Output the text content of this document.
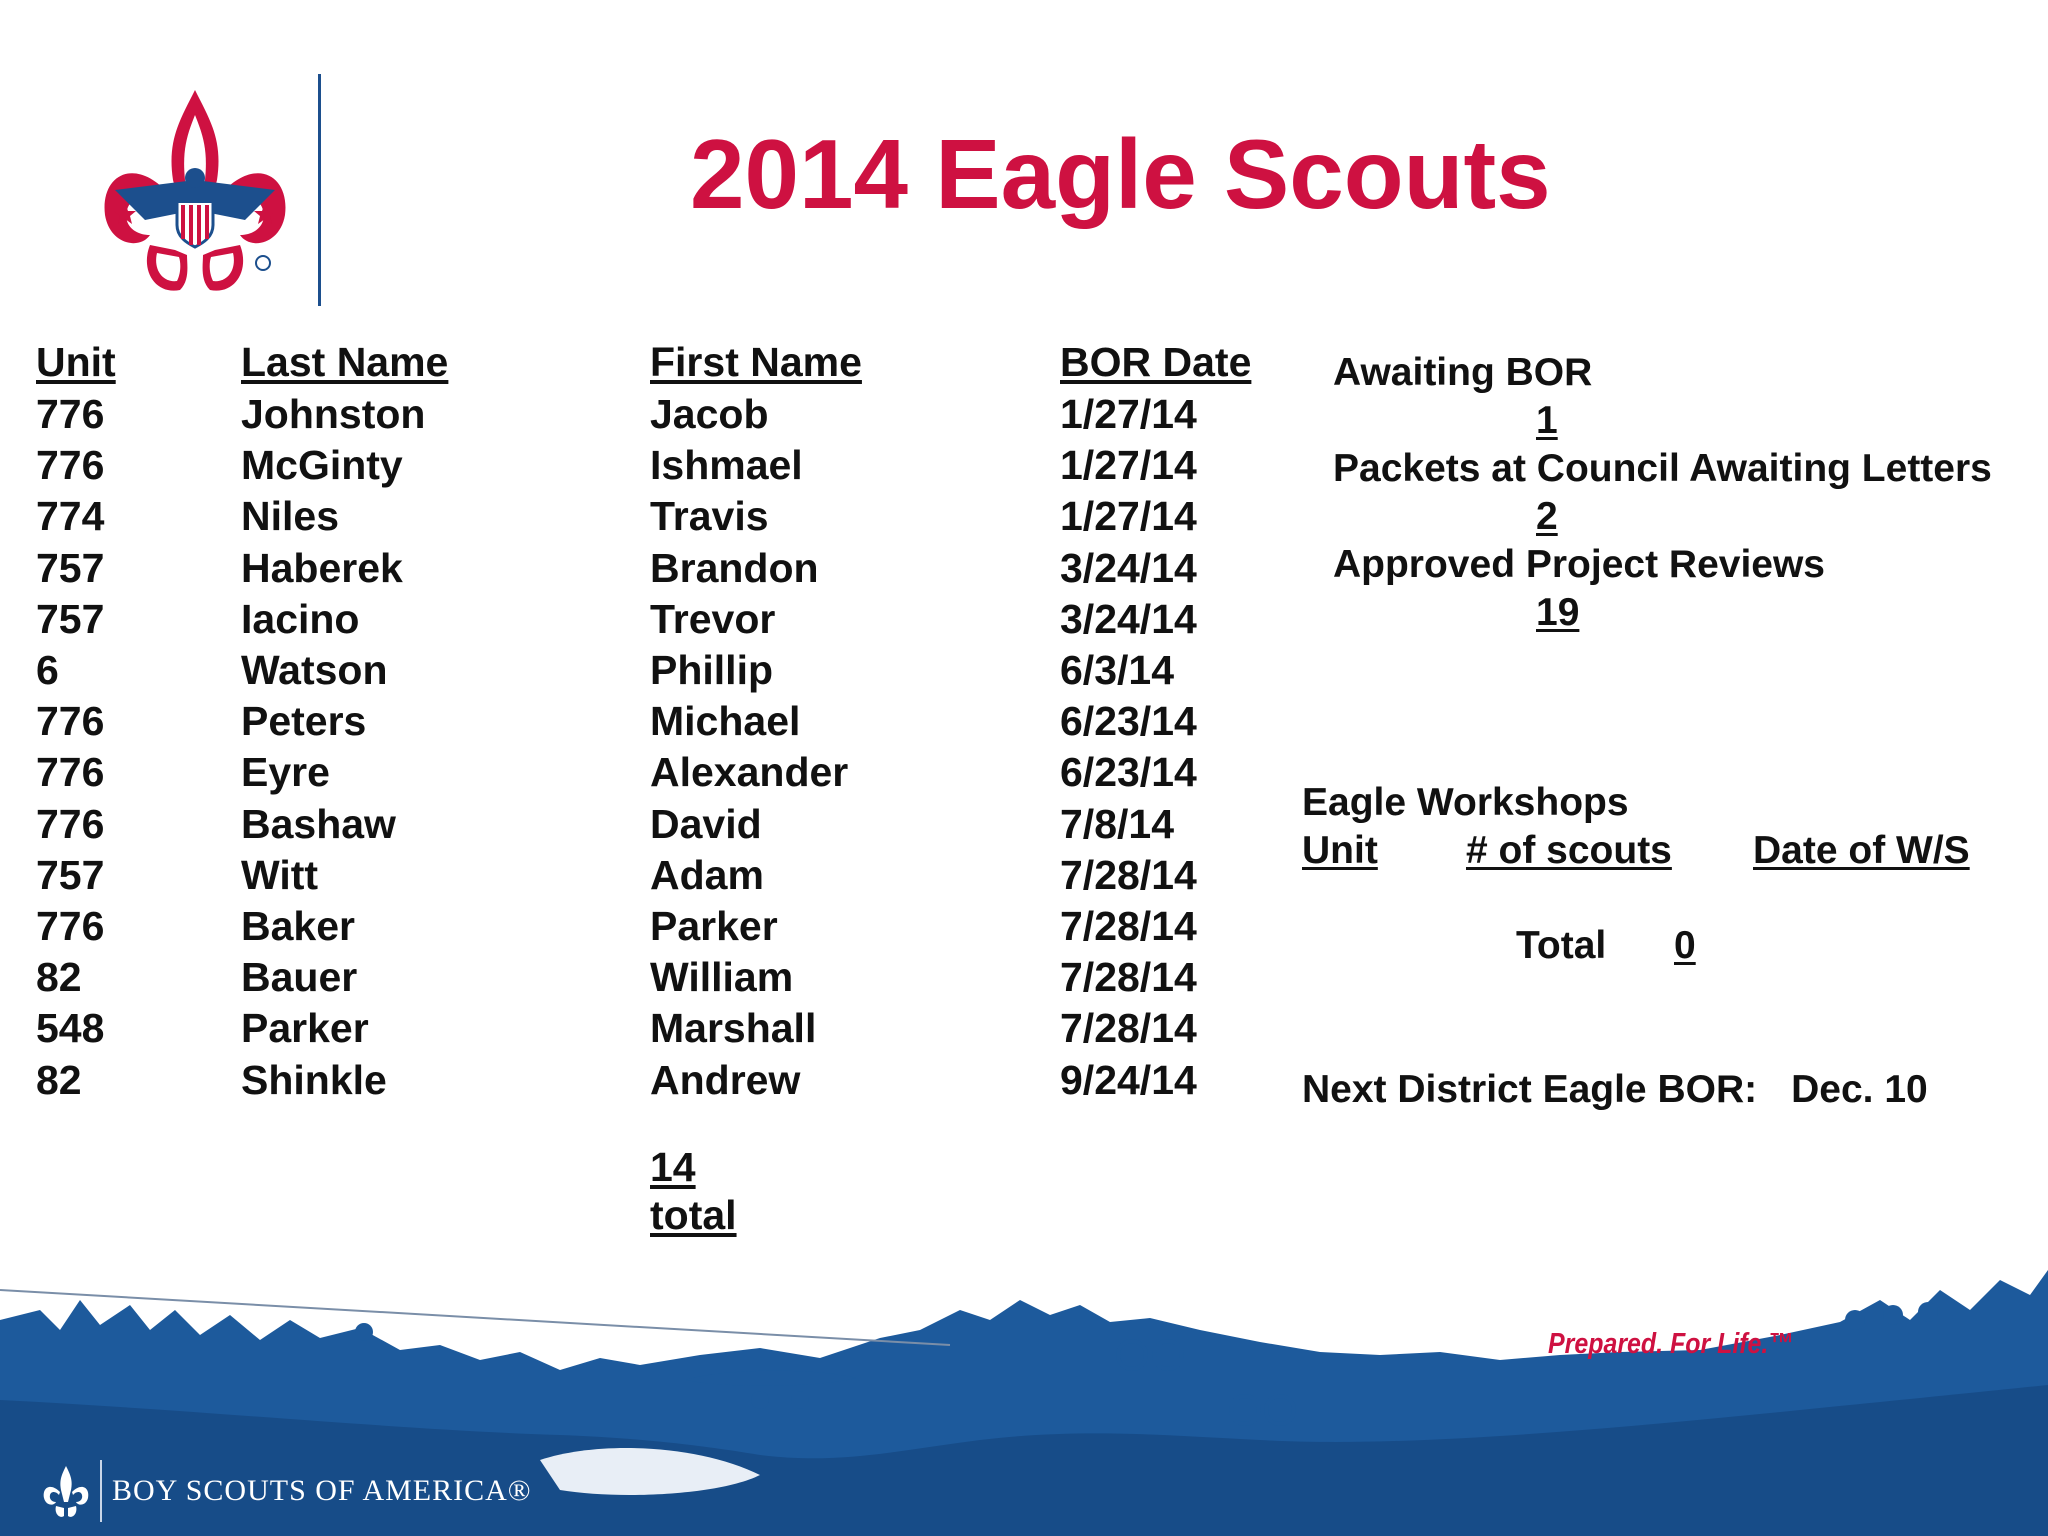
2014 Eagle Scouts
Unit	Last Name	First Name	BOR Date
776	Johnston	Jacob	1/27/14
776	McGinty	Ishmael	1/27/14
774	Niles	Travis	1/27/14
757	Haberek	Brandon	3/24/14
757	Iacino	Trevor	3/24/14
6	Watson	Phillip	6/3/14
776	Peters	Michael	6/23/14
776	Eyre	Alexander	6/23/14
776	Bashaw	David	7/8/14
757	Witt	Adam	7/28/14
776	Baker	Parker	7/28/14
82	Bauer	William	7/28/14
548	Parker	Marshall	7/28/14
82	Shinkle	Andrew	9/24/14
14 total
Awaiting BOR
1
Packets at Council Awaiting Letters
2
Approved Project Reviews
19
Eagle Workshops
Unit # of scouts Date of W/S
Total 0
Next District Eagle BOR: Dec. 10
Prepared. For Life.™
BOY SCOUTS OF AMERICA®
